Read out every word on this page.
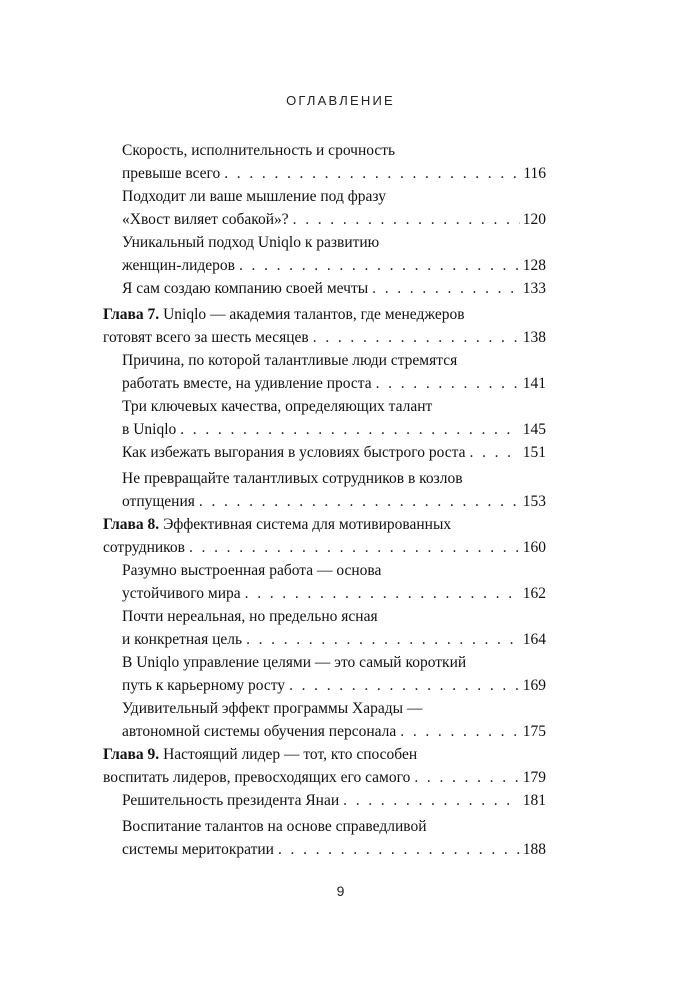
ОГЛАВЛЕНИЕ
Скорость, исполнительность и срочность
превыше всего . . .	116
Подходит ли ваше мышление под фразу
«Хвост виляет собакой»? . . .	120
Уникальный подход Uniqlo к развитию
женщин-лидеров . . .	128
Я сам создаю компанию своей мечты . . .	133
Глава 7. Uniqlo — академия талантов, где менеджеров
готовят всего за шесть месяцев . . .	138
Причина, по которой талантливые люди стремятся
работать вместе, на удивление проста . . .	141
Три ключевых качества, определяющих талант
в Uniqlo . . .	145
Как избежать выгорания в условиях быстрого роста . . .	151
Не превращайте талантливых сотрудников в козлов
отпущения . . .	153
Глава 8. Эффективная система для мотивированных
сотрудников . . .	160
Разумно выстроенная работа — основа
устойчивого мира . . .	162
Почти нереальная, но предельно ясная
и конкретная цель . . .	164
В Uniqlo управление целями — это самый короткий
путь к карьерному росту . . .	169
Удивительный эффект программы Харады —
автономной системы обучения персонала . . .	175
Глава 9. Настоящий лидер — тот, кто способен
воспитать лидеров, превосходящих его самого . . .	179
Решительность президента Янаи . . .	181
Воспитание талантов на основе справедливой
системы меритократии . . .	188
9
